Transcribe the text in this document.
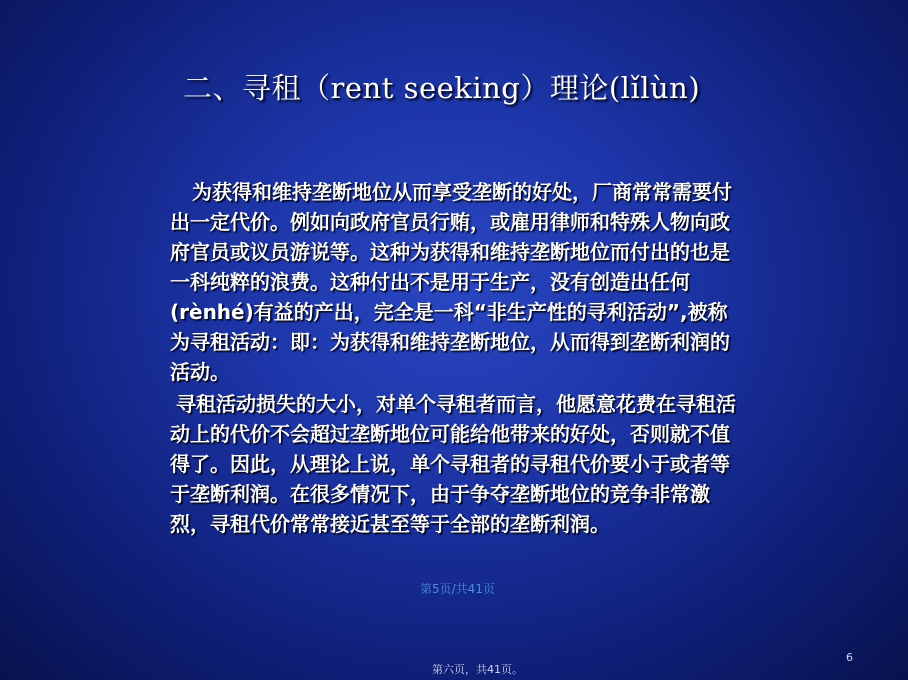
二、寻租（rent seeking）理论(lǐlùn)

为获得和维持垄断地位从而享受垄断的好处，厂商常常需要付出一定代价。例如向政府官员行贿，或雇用律师和特殊人物向政府官员或议员游说等。这种为获得和维持垄断地位而付出的也是一科纯粹的浪费。这种付出不是用于生产，没有创造出任何(rènhé)有益的产出，完全是一科“非生产性的寻利活动”,被称为寻租活动：即：为获得和维持垄断地位，从而得到垄断利润的活动。

寻租活动损失的大小，对单个寻租者而言，他愿意花费在寻租活动上的代价不会超过垄断地位可能给他带来的好处，否则就不值得了。因此，从理论上说，单个寻租者的寻租代价要小于或者等于垄断利润。在很多情况下，由于争夺垄断地位的竞争非常激烈，寻租代价常常接近甚至等于全部的垄断利润。

第5页/共41页
第六页，共41页。
6
